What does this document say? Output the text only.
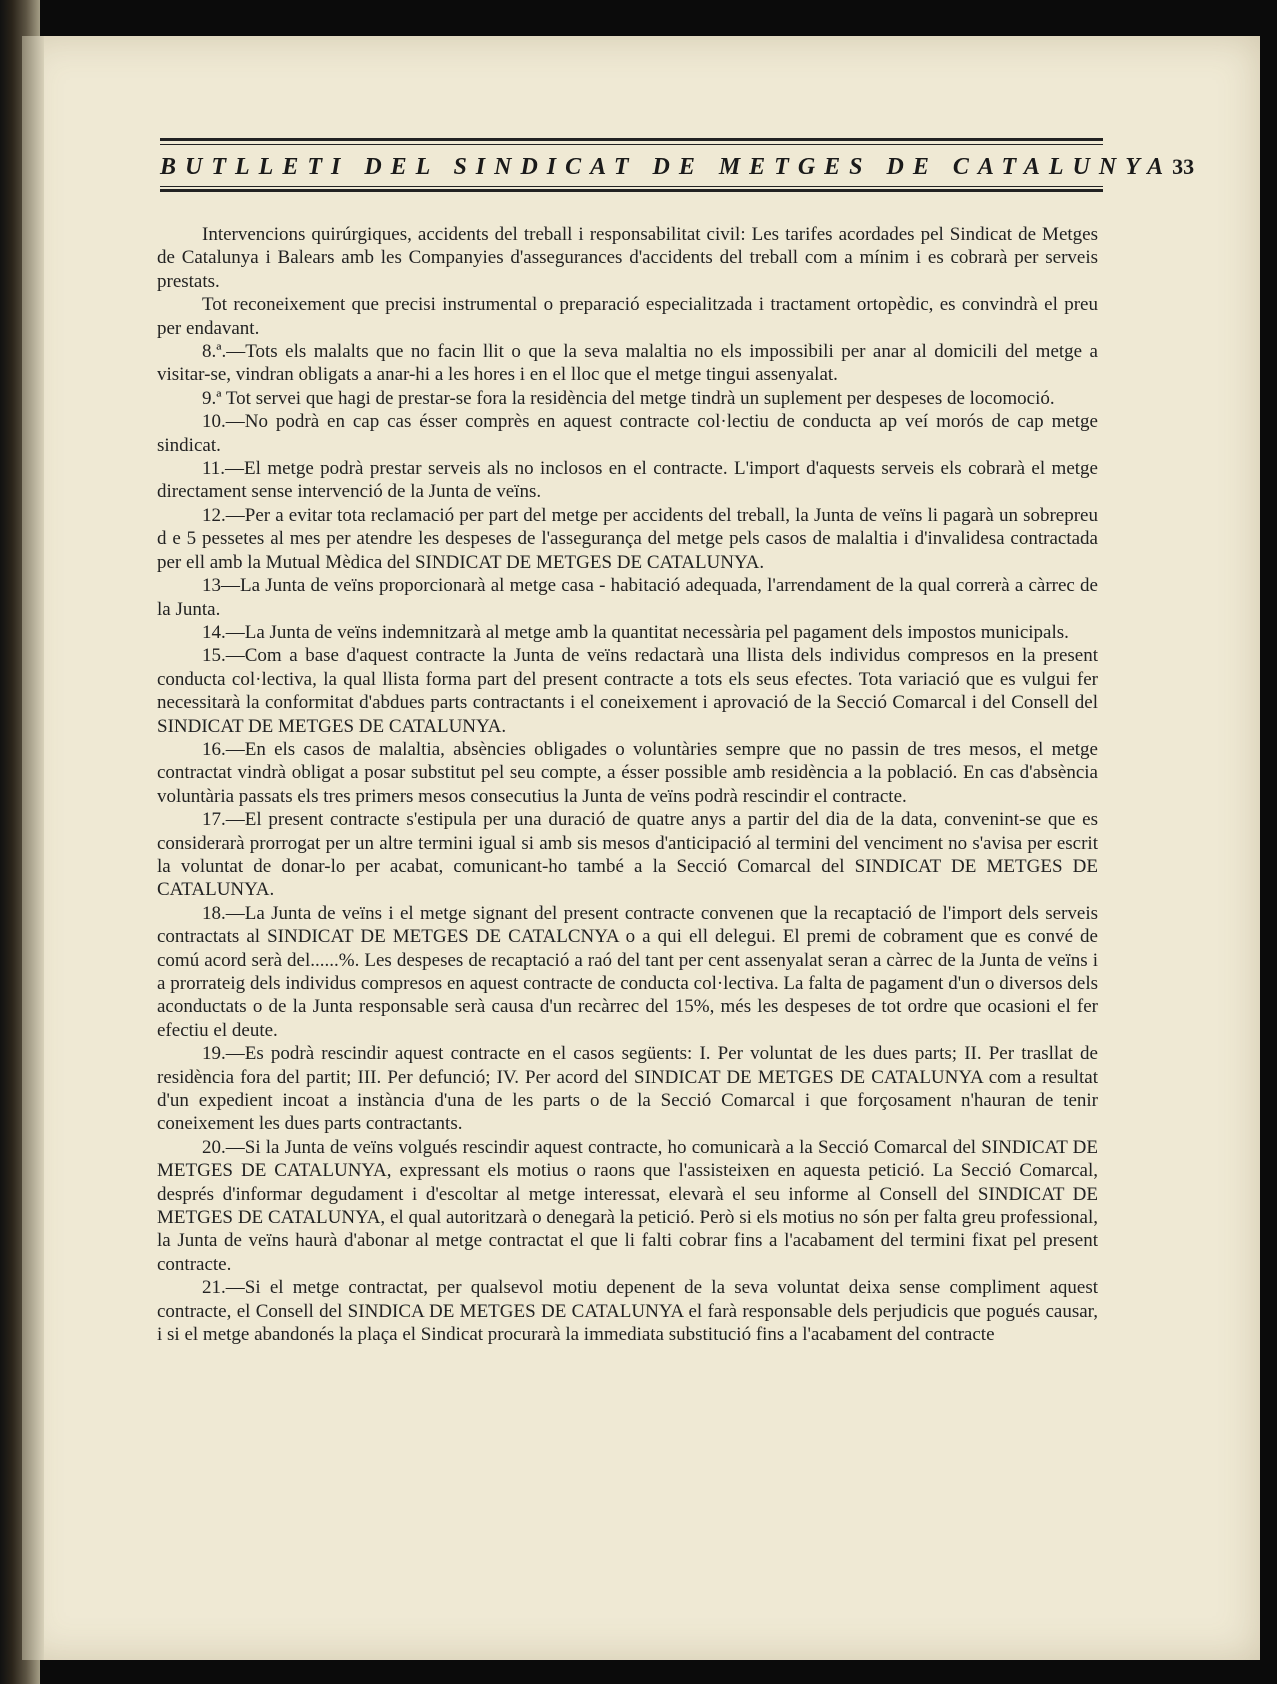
BUTLLETI DEL SINDICAT DE METGES DE CATALUNYA 33

Intervencions quirúrgiques, accidents del treball i responsabilitat civil: Les tarifes acordades pel Sindicat de Metges de Catalunya i Balears amb les Companyies d'assegurances d'accidents del treball com a mínim i es cobrarà per serveis prestats.

Tot reconeixement que precisi instrumental o preparació especialitzada i tractament ortopèdic, es convindrà el preu per endavant.

8.ª.—Tots els malalts que no facin llit o que la seva malaltia no els impossibili per anar al domicili del metge a visitar-se, vindran obligats a anar-hi a les hores i en el lloc que el metge tingui assenyalat.

9.ª Tot servei que hagi de prestar-se fora la residència del metge tindrà un suplement per despeses de locomoció.

10.—No podrà en cap cas ésser comprès en aquest contracte col·lectiu de conducta ap veí morós de cap metge sindicat.

11.—El metge podrà prestar serveis als no inclosos en el contracte. L'import d'aquests serveis els cobrarà el metge directament sense intervenció de la Junta de veïns.

12.—Per a evitar tota reclamació per part del metge per accidents del treball, la Junta de veïns li pagarà un sobrepreu d e 5 pessetes al mes per atendre les despeses de l'assegurança del metge pels casos de malaltia i d'invalidesa contractada per ell amb la Mutual Mèdica del SINDICAT DE METGES DE CATALUNYA.

13—La Junta de veïns proporcionarà al metge casa - habitació adequada, l'arrendament de la qual correrà a càrrec de la Junta.

14.—La Junta de veïns indemnitzarà al metge amb la quantitat necessària pel pagament dels impostos municipals.

15.—Com a base d'aquest contracte la Junta de veïns redactarà una llista dels individus compresos en la present conducta col·lectiva, la qual llista forma part del present contracte a tots els seus efectes. Tota variació que es vulgui fer necessitarà la conformitat d'abdues parts contractants i el coneixement i aprovació de la Secció Comarcal i del Consell del SINDICAT DE METGES DE CATALUNYA.

16.—En els casos de malaltia, absències obligades o voluntàries sempre que no passin de tres mesos, el metge contractat vindrà obligat a posar substitut pel seu compte, a ésser possible amb residència a la població. En cas d'absència voluntària passats els tres primers mesos consecutius la Junta de veïns podrà rescindir el contracte.

17.—El present contracte s'estipula per una duració de quatre anys a partir del dia de la data, convenint-se que es considerarà prorrogat per un altre termini igual si amb sis mesos d'anticipació al termini del venciment no s'avisa per escrit la voluntat de donar-lo per acabat, comunicant-ho també a la Secció Comarcal del SINDICAT DE METGES DE CATALUNYA.

18.—La Junta de veïns i el metge signant del present contracte convenen que la recaptació de l'import dels serveis contractats al SINDICAT DE METGES DE CATALCNYA o a qui ell delegui. El premi de cobrament que es convé de comú acord serà del......%. Les despeses de recaptació a raó del tant per cent assenyalat seran a càrrec de la Junta de veïns i a prorrateig dels individus compresos en aquest contracte de conducta col·lectiva. La falta de pagament d'un o diversos dels aconductats o de la Junta responsable serà causa d'un recàrrec del 15%, més les despeses de tot ordre que ocasioni el fer efectiu el deute.

19.—Es podrà rescindir aquest contracte en el casos següents: I. Per voluntat de les dues parts; II. Per trasllat de residència fora del partit; III. Per defunció; IV. Per acord del SINDICAT DE METGES DE CATALUNYA com a resultat d'un expedient incoat a instància d'una de les parts o de la Secció Comarcal i que forçosament n'hauran de tenir coneixement les dues parts contractants.

20.—Si la Junta de veïns volgués rescindir aquest contracte, ho comunicarà a la Secció Comarcal del SINDICAT DE METGES DE CATALUNYA, expressant els motius o raons que l'assisteixen en aquesta petició. La Secció Comarcal, després d'informar degudament i d'escoltar al metge interessat, elevarà el seu informe al Consell del SINDICAT DE METGES DE CATALUNYA, el qual autoritzarà o denegarà la petició. Però si els motius no són per falta greu professional, la Junta de veïns haurà d'abonar al metge contractat el que li falti cobrar fins a l'acabament del termini fixat pel present contracte.

21.—Si el metge contractat, per qualsevol motiu depenent de la seva voluntat deixa sense compliment aquest contracte, el Consell del SINDICA DE METGES DE CATALUNYA el farà responsable dels perjudicis que pogués causar, i si el metge abandonés la plaça el Sindicat procurarà la immediata substitució fins a l'acabament del contracte
